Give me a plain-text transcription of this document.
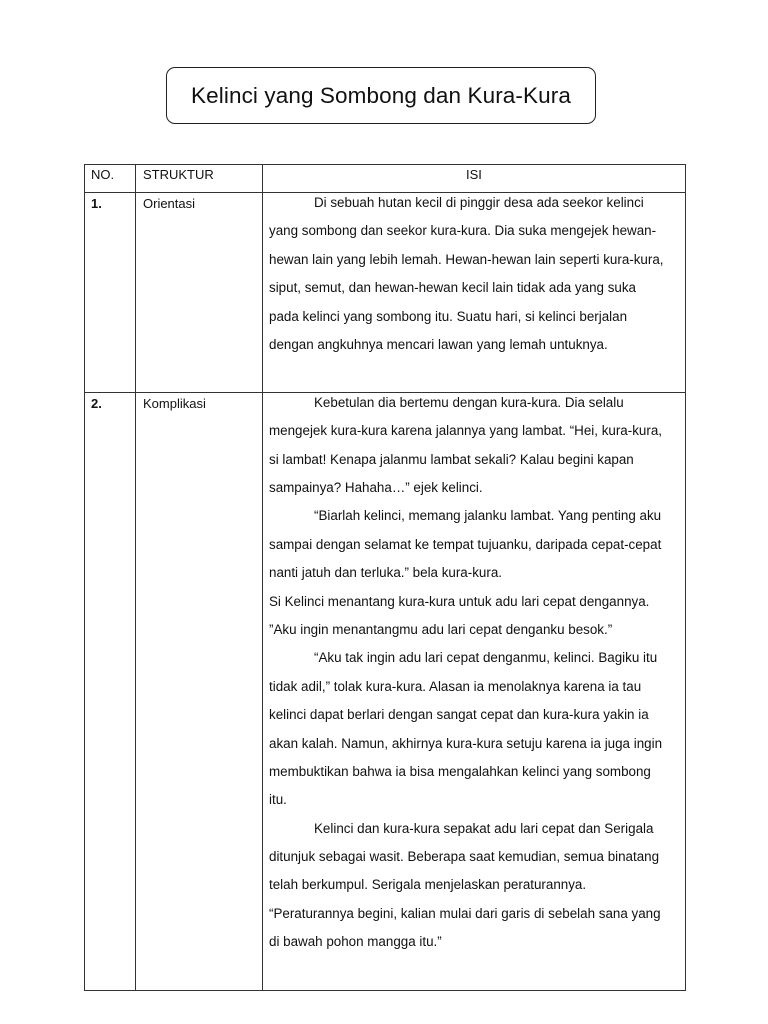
Kelinci yang Sombong dan Kura-Kura
NO. STRUKTUR	ISI
1.	Orientasi	Di sebuah hutan kecil di pinggir desa ada seekor kelinci
yang sombong dan seekor kura-kura. Dia suka mengejek hewan-
hewan lain yang lebih lemah. Hewan-hewan lain seperti kura-kura,
siput, semut, dan hewan-hewan kecil lain tidak ada yang suka
pada kelinci yang sombong itu. Suatu hari, si kelinci berjalan
dengan angkuhnya mencari lawan yang lemah untuknya.
2.	Komplikasi	Kebetulan dia bertemu dengan kura-kura. Dia selalu
mengejek kura-kura karena jalannya yang lambat. “Hei, kura-kura,
si lambat! Kenapa jalanmu lambat sekali? Kalau begini kapan
sampainya? Hahaha…” ejek kelinci.
“Biarlah kelinci, memang jalanku lambat. Yang penting aku
sampai dengan selamat ke tempat tujuanku, daripada cepat-cepat
nanti jatuh dan terluka.” bela kura-kura.
Si Kelinci menantang kura-kura untuk adu lari cepat dengannya.
”Aku ingin menantangmu adu lari cepat denganku besok.”
“Aku tak ingin adu lari cepat denganmu, kelinci. Bagiku itu
tidak adil,” tolak kura-kura. Alasan ia menolaknya karena ia tau
kelinci dapat berlari dengan sangat cepat dan kura-kura yakin ia
akan kalah. Namun, akhirnya kura-kura setuju karena ia juga ingin
membuktikan bahwa ia bisa mengalahkan kelinci yang sombong
itu.
Kelinci dan kura-kura sepakat adu lari cepat dan Serigala
ditunjuk sebagai wasit. Beberapa saat kemudian, semua binatang
telah berkumpul. Serigala menjelaskan peraturannya.
“Peraturannya begini, kalian mulai dari garis di sebelah sana yang
di bawah pohon mangga itu.”
